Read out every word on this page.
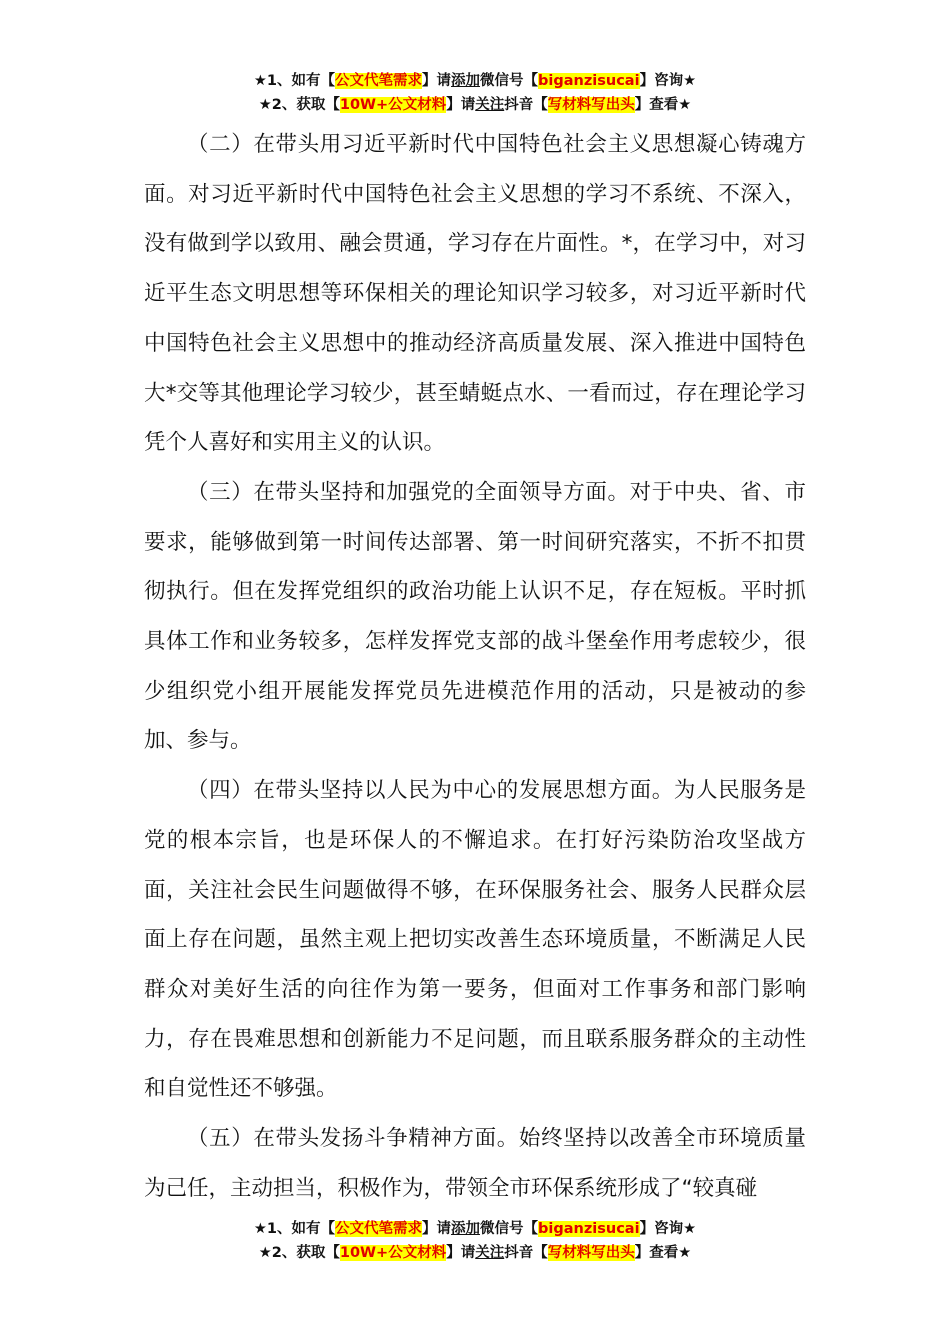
★1、如有【公文代笔需求】请添加微信号【biganzisucai】咨询★
★2、获取【10W+公文材料】请关注抖音【写材料写出头】查看★

（二）在带头用习近平新时代中国特色社会主义思想凝心铸魂方面。对习近平新时代中国特色社会主义思想的学习不系统、不深入，没有做到学以致用、融会贯通，学习存在片面性。*，在学习中，对习近平生态文明思想等环保相关的理论知识学习较多，对习近平新时代中国特色社会主义思想中的推动经济高质量发展、深入推进中国特色大*交等其他理论学习较少，甚至蜻蜓点水、一看而过，存在理论学习凭个人喜好和实用主义的认识。

（三）在带头坚持和加强党的全面领导方面。对于中央、省、市要求，能够做到第一时间传达部署、第一时间研究落实，不折不扣贯彻执行。但在发挥党组织的政治功能上认识不足，存在短板。平时抓具体工作和业务较多，怎样发挥党支部的战斗堡垒作用考虑较少，很少组织党小组开展能发挥党员先进模范作用的活动，只是被动的参加、参与。

（四）在带头坚持以人民为中心的发展思想方面。为人民服务是党的根本宗旨，也是环保人的不懈追求。在打好污染防治攻坚战方面，关注社会民生问题做得不够，在环保服务社会、服务人民群众层面上存在问题，虽然主观上把切实改善生态环境质量，不断满足人民群众对美好生活的向往作为第一要务，但面对工作事务和部门影响力，存在畏难思想和创新能力不足问题，而且联系服务群众的主动性和自觉性还不够强。

（五）在带头发扬斗争精神方面。始终坚持以改善全市环境质量为己任，主动担当，积极作为，带领全市环保系统形成了“较真碰

★1、如有【公文代笔需求】请添加微信号【biganzisucai】咨询★
★2、获取【10W+公文材料】请关注抖音【写材料写出头】查看★
